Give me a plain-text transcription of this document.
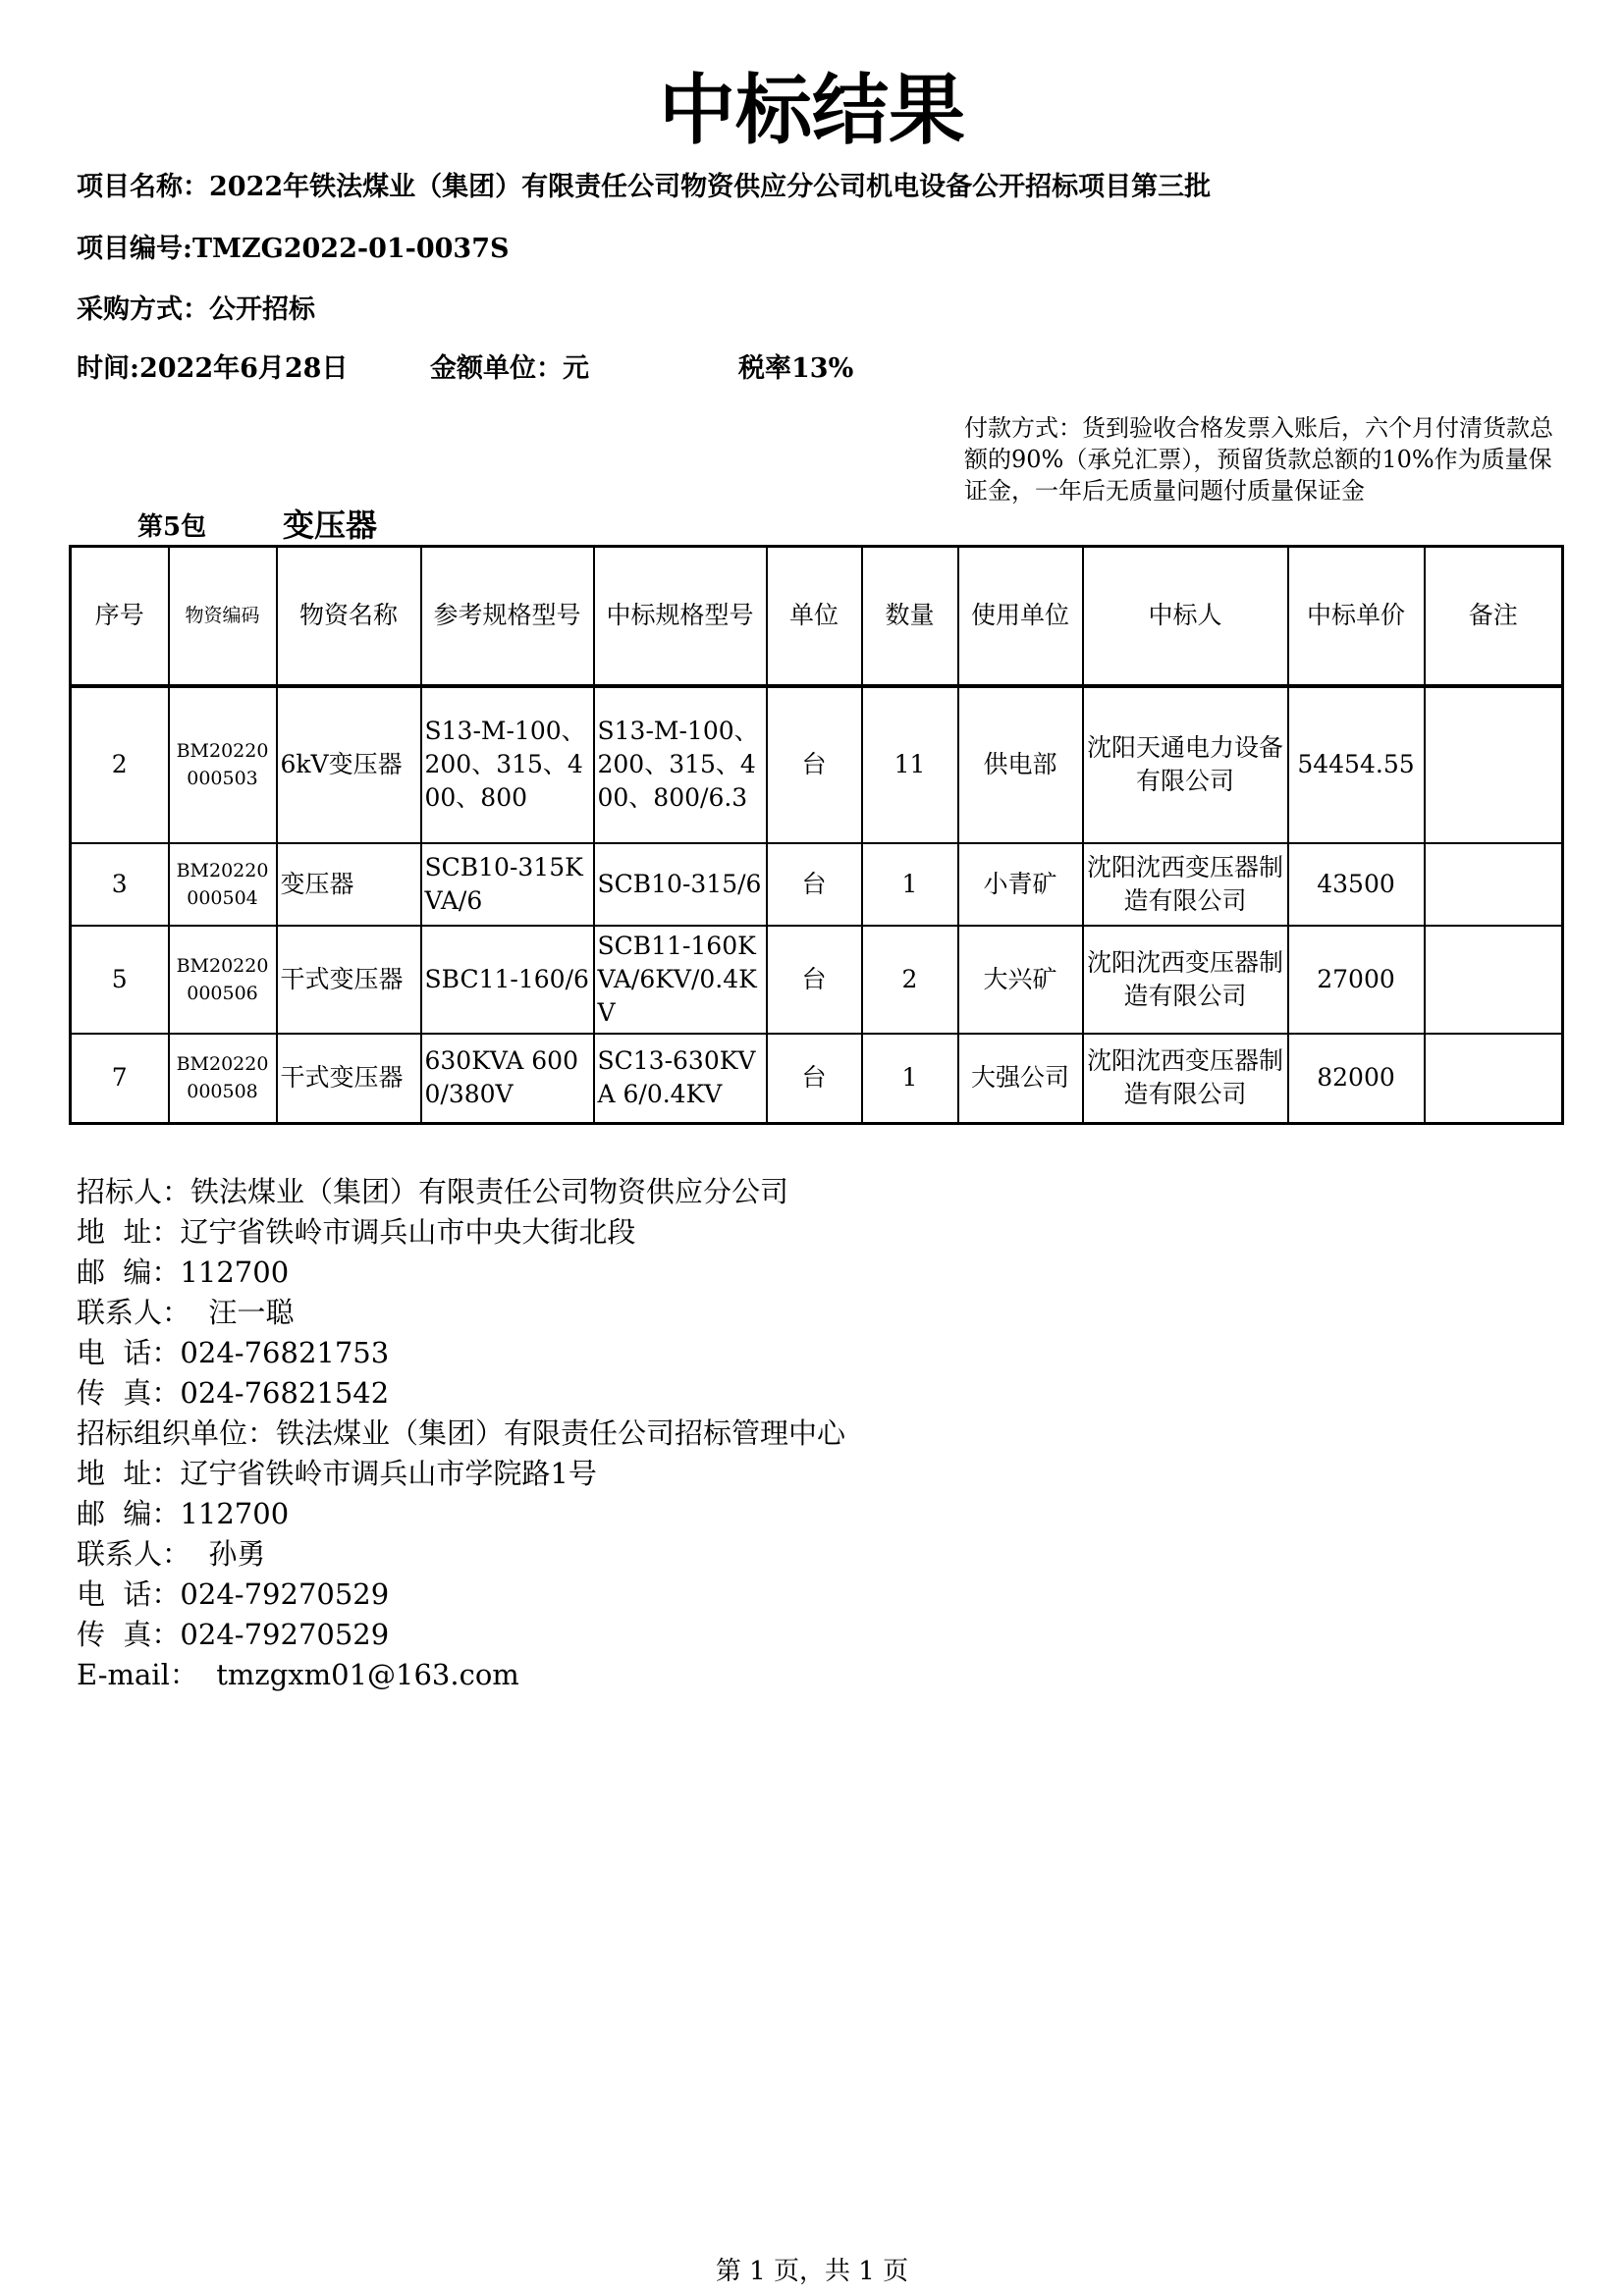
中标结果
项目名称：2022年铁法煤业（集团）有限责任公司物资供应分公司机电设备公开招标项目第三批
项目编号:TMZG2022-01-0037S
采购方式：公开招标
时间:2022年6月28日	金额单位：元	税率13%
付款方式：货到验收合格发票入账后，六个月付清货款总额的90%（承兑汇票），预留货款总额的10%作为质量保证金，一年后无质量问题付质量保证金
第5包 变压器
序号	物资编码	物资名称	参考规格型号	中标规格型号	单位	数量	使用单位	中标人	中标单价	备注
2	BM20220000503	6kV变压器	S13-M-100、200、315、400、800	S13-M-100、200、315、400、800/6.3	台	11	供电部	沈阳天通电力设备有限公司	54454.55	
3	BM20220000504	变压器	SCB10-315KVA/6	SCB10-315/6	台	1	小青矿	沈阳沈西变压器制造有限公司	43500	
5	BM20220000506	干式变压器	SBC11-160/6	SCB11-160KVA/6KV/0.4KV	台	2	大兴矿	沈阳沈西变压器制造有限公司	27000	
7	BM20220000508	干式变压器	630KVA 6000/380V	SC13-630KVA 6/0.4KV	台	1	大强公司	沈阳沈西变压器制造有限公司	82000	
招标人：铁法煤业（集团）有限责任公司物资供应分公司
地  址：辽宁省铁岭市调兵山市中央大街北段
邮  编：112700
联系人：  汪一聪
电  话：024-76821753
传  真：024-76821542
招标组织单位：铁法煤业（集团）有限责任公司招标管理中心
地  址：辽宁省铁岭市调兵山市学院路1号
邮  编：112700
联系人：  孙勇
电  话：024-79270529
传  真：024-79270529
E-mail：  tmzgxm01@163.com
第 1 页，共 1 页
